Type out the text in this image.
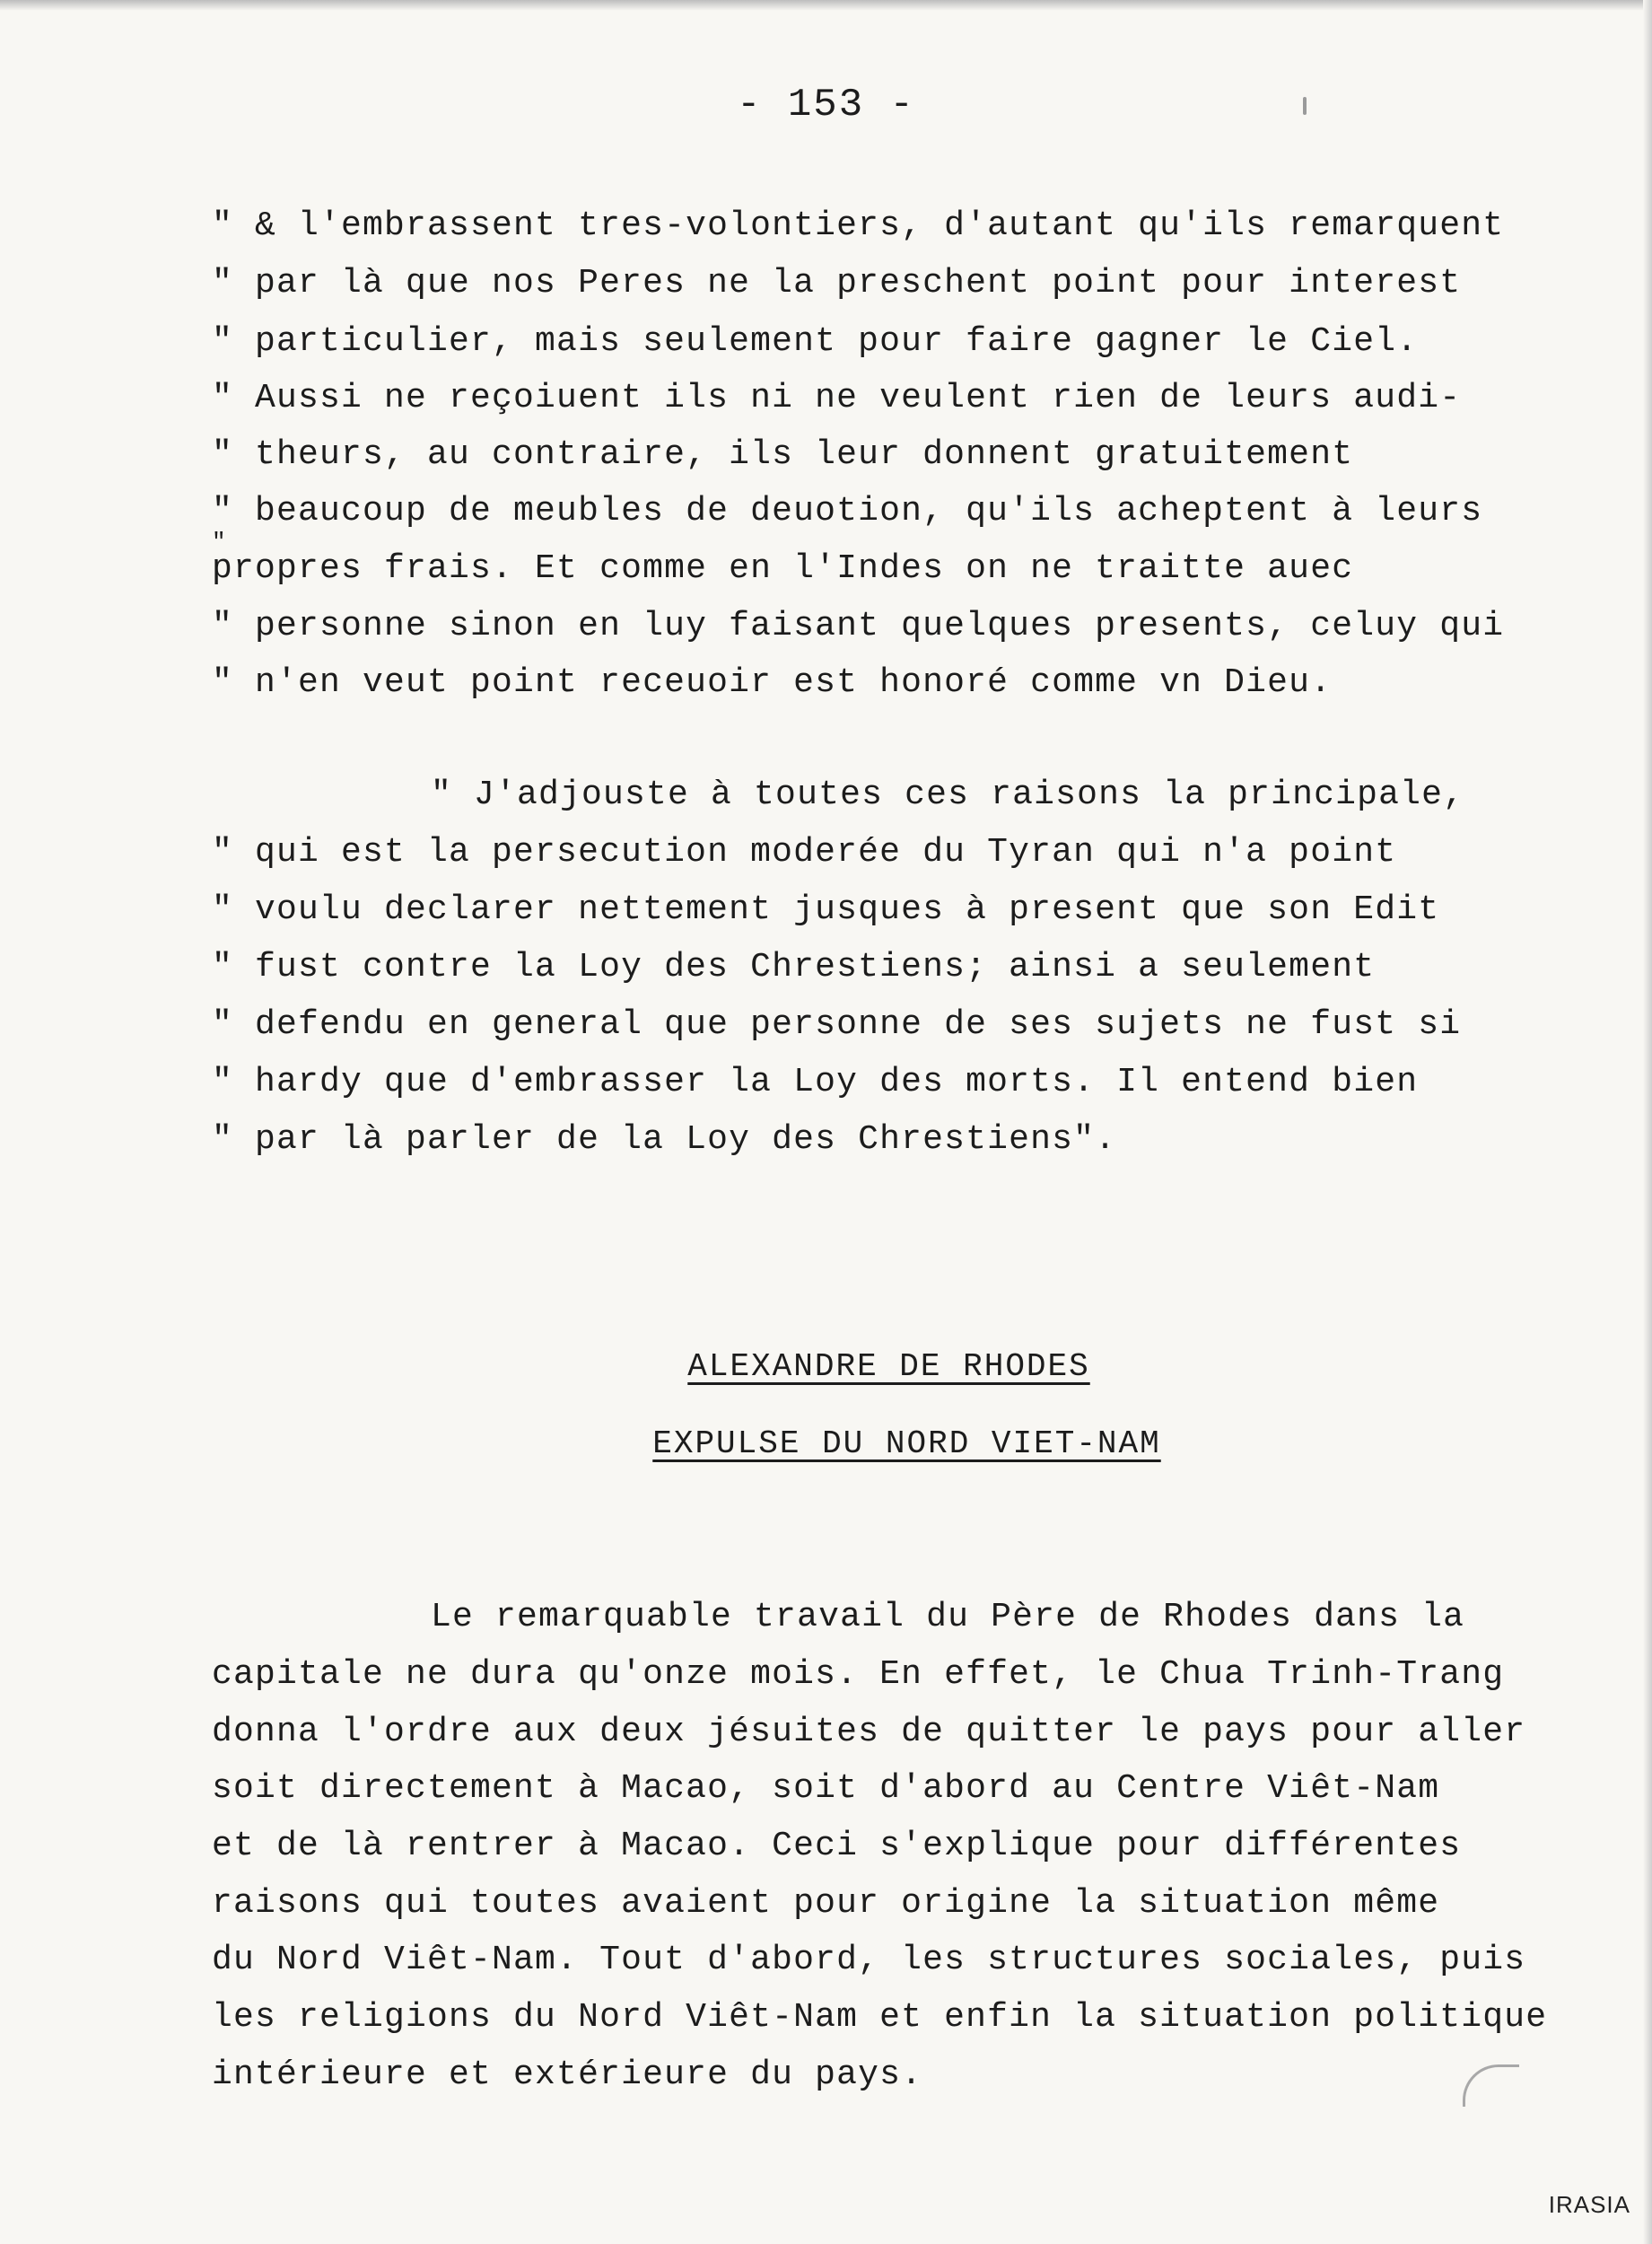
- 153 -

" & l'embrassent tres-volontiers, d'autant qu'ils remarquent

" par là que nos Peres ne la preschent point pour interest

" particulier, mais seulement pour faire gagner le Ciel.

" Aussi ne reçoiuent ils ni ne veulent rien de leurs audi-

" theurs, au contraire, ils leur donnent gratuitement

" beaucoup de meubles de deuotion, qu'ils acheptent à leurs

"

propres frais. Et comme en l'Indes on ne traitte auec

" personne sinon en luy faisant quelques presents, celuy qui

" n'en veut point receuoir est honoré comme vn Dieu.

" J'adjouste à toutes ces raisons la principale,

" qui est la persecution moderée du Tyran qui n'a point

" voulu declarer nettement jusques à present que son Edit

" fust contre la Loy des Chrestiens; ainsi a seulement

" defendu en general que personne de ses sujets ne fust si

" hardy que d'embrasser la Loy des morts. Il entend bien

" par là parler de la Loy des Chrestiens".

ALEXANDRE DE RHODES

EXPULSE DU NORD VIET-NAM

Le remarquable travail du Père de Rhodes dans la

capitale ne dura qu'onze mois. En effet, le Chua Trinh-Trang

donna l'ordre aux deux jésuites de quitter le pays pour aller

soit directement à Macao, soit d'abord au Centre Viêt-Nam

et de là rentrer à Macao. Ceci s'explique pour différentes

raisons qui toutes avaient pour origine la situation même

du Nord Viêt-Nam. Tout d'abord, les structures sociales, puis

les religions du Nord Viêt-Nam et enfin la situation politique

intérieure et extérieure du pays.

IRASIA
